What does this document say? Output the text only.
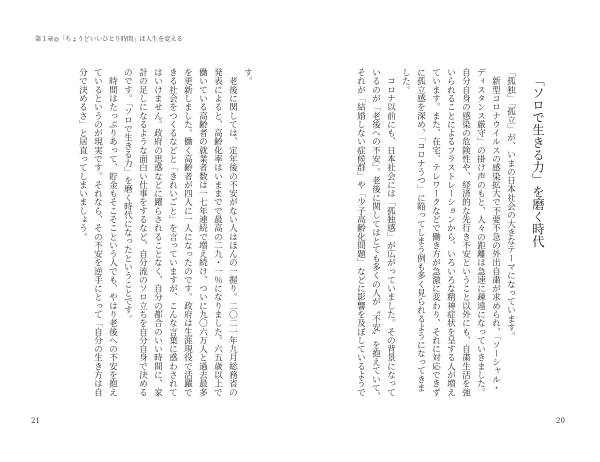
第１章◎「ちょうどいいひとり時間」は人生を変える
す。
　老後に関しては、定年後の不安がない人はほんの一握り。二〇二一年九月総務省の
発表によると、高齢化率はいままでで最高の二九・一％になりました。六五歳以上で
働いている高齢者の就業者数は一七年連続で増え続け、ついに九〇六万人と過去最多
を更新しました。働く高齢者が四人に一人になったのです。政府は生涯現役で活躍で
きる社会をつくるなどと「きれいごと」を言っていますが、こんな言葉に惑わされて
はいけません。政府の思惑などに躍らされることなく、自分の都合のいい時間に、家
計の足しになるような面白い仕事をするなど、自分流のソロ立ちを自分自身で決める
のです。「ソロで生きる力」を磨く時代になったということです。
　時間はたっぷりあって、貯金もそこそこという人でも、やはり老後への不安を抱え
ているというのが現実です。それなら、その不安を逆手にとって「自分の生き方は自
分で決めるさ」と居直ってしまいましょう。
21
「ソロで生きる力」を磨く時代
「孤独」「孤立」が、いまの日本社会の大きなテーマになっています。
　新型コロナウイルスの感染拡大で不要不急の外出自粛が求められ、「ソーシャル・
ディスタンス厳守」の掛け声のもと、人々の距離は急速に疎遠になっていきました。
自分自身の感染の危険性や、経済的な先行き不安ということ以外にも、自粛生活を強
いられることによるフラストレーションから、いろいろな精神症状を呈する人が増え
ています。また、在宅、テレワークなどで働き方が急激に変わり、それに対応できず
に孤立感を深め、「コロナうつ」に陥ってしまう例も多く見られるようになってきま
した。
　コロナ以前にも、日本社会には「孤独感」が広がっていました。その背景になって
いるのが「老後への不安」。老後に関してはとても多くの人が〝不安〟を抱えていて、
それが「結婚しない症候群」や「少子高齢化問題」などに影響を及ぼしているようで
20
